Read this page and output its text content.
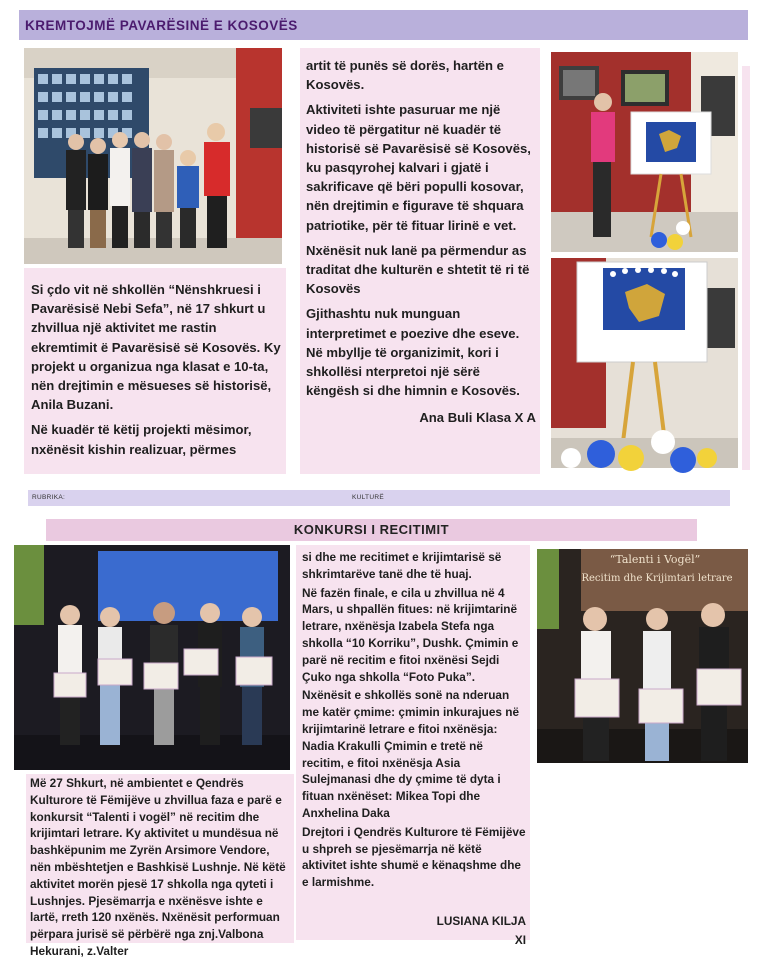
KREMTOJMË PAVARËSINË E KOSOVËS

Si çdo vit në shkollën “Nënshkruesi i Pavarësisë Nebi Sefa”, në 17 shkurt u zhvillua një aktivitet me rastin ekremtimit ë Pavarësisë së Kosovës. Ky projekt u organizua nga klasat e 10-ta, nën drejtimin e mësueses së historisë, Anila Buzani.

Në kuadër të këtij projekti mësimor, nxënësit kishin realizuar, përmes

artit të punës së dorës, hartën e Kosovës.

Aktiviteti ishte pasuruar me një video të përgatitur në kuadër të historisë së Pavarësisë së Kosovës, ku pasqyrohej kalvari i gjatë i sakrificave që bëri populli kosovar, nën drejtimin e figurave të shquara patriotike, për të fituar lirinë e vet.

Nxënësit nuk lanë pa përmendur as traditat dhe kulturën e shtetit të ri të Kosovës

Gjithashtu nuk munguan interpretimet e poezive dhe eseve. Në mbyllje të organizimit, kori i shkollësi nterpretoi një sërë këngësh si dhe himnin e Kosovës.

Ana Buli Klasa X A

RUBRIKA:	KULTURË
KONKURSI I RECITIMIT

si dhe me recitimet e krijimtarisë së shkrimtarëve tanë dhe të huaj.

Në fazën finale, e cila u zhvillua në 4 Mars, u shpallën fitues: në krijimtarinë letrare, nxënësja Izabela Stefa nga shkolla “10 Korriku”, Dushk. Çmimin e parë në recitim e fitoi nxënësi Sejdi Çuko nga shkolla “Foto Puka”.

Nxënësit e shkollës sonë na nderuan me katër çmime: çmimin inkurajues në krijimtarinë letrare e fitoi nxënësja: Nadia Krakulli Çmimin e tretë në recitim, e fitoi nxënësja Asia Sulejmanasi dhe dy çmime të dyta i fituan nxënëset: Mikea Topi dhe Anxhelina Daka

Drejtori i Qendrës Kulturore të Fëmijëve u shpreh se pjesëmarrja në këtë aktivitet ishte shumë e kënaqshme dhe e larmishme.

LUSIANA KILJA

XI

Më 27 Shkurt, në ambientet e Qendrës Kulturore të Fëmijëve u zhvillua faza e parë e konkursit “Talenti i vogël” në recitim dhe krijimtari letrare. Ky aktivitet u mundësua në bashkëpunim me Zyrën Arsimore Vendore, nën mbështetjen e Bashkisë Lushnje. Në këtë aktivitet morën pjesë 17 shkolla nga qyteti i Lushnjes. Pjesëmarrja e nxënësve ishte e lartë, rreth 120 nxënës. Nxënësit performuan përpara jurisë së përbërë nga znj.Valbona Hekurani, z.Valter

“Talenti i Vogël”
Recitim dhe Krijimtari letrare
